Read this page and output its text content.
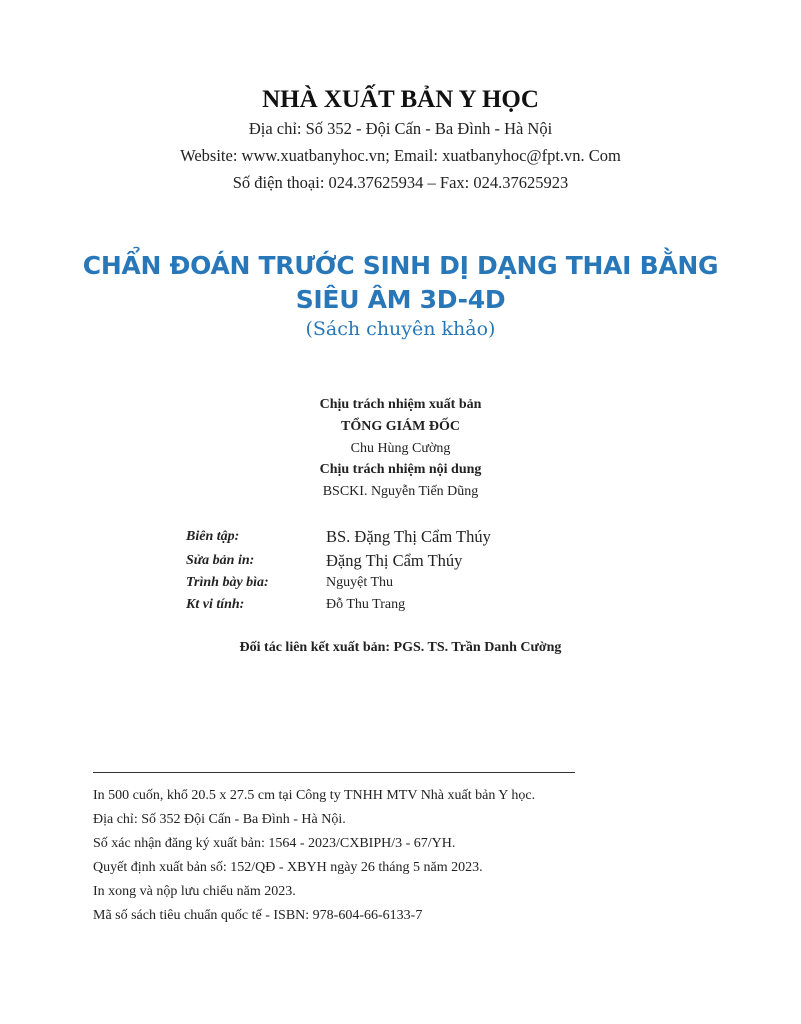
NHÀ XUẤT BẢN Y HỌC
Địa chỉ: Số 352 - Đội Cấn - Ba Đình - Hà Nội
Website: www.xuatbanyhoc.vn; Email: xuatbanyhoc@fpt.vn. Com
Số điện thoại: 024.37625934 – Fax: 024.37625923
CHẨN ĐOÁN TRƯỚC SINH DỊ DẠNG THAI BẰNG
SIÊU ÂM 3D-4D
(Sách chuyên khảo)
Chịu trách nhiệm xuất bản
TỔNG GIÁM ĐỐC
Chu Hùng Cường
Chịu trách nhiệm nội dung
BSCKI. Nguyễn Tiến Dũng
Biên tập:	BS. Đặng Thị Cẩm Thúy
Sửa bản in:	Đặng Thị Cẩm Thúy
Trình bày bìa:	Nguyệt Thu
Kt vi tính:	Đỗ Thu Trang
Đối tác liên kết xuất bản: PGS. TS. Trần Danh Cường
In 500 cuốn, khổ 20.5 x 27.5 cm tại Công ty TNHH MTV Nhà xuất bản Y học.
Địa chỉ: Số 352 Đội Cấn - Ba Đình - Hà Nội.
Số xác nhận đăng ký xuất bản: 1564 - 2023/CXBIPH/3 - 67/YH.
Quyết định xuất bản số: 152/QĐ - XBYH ngày 26 tháng 5 năm 2023.
In xong và nộp lưu chiểu năm 2023.
Mã số sách tiêu chuẩn quốc tế - ISBN: 978-604-66-6133-7
